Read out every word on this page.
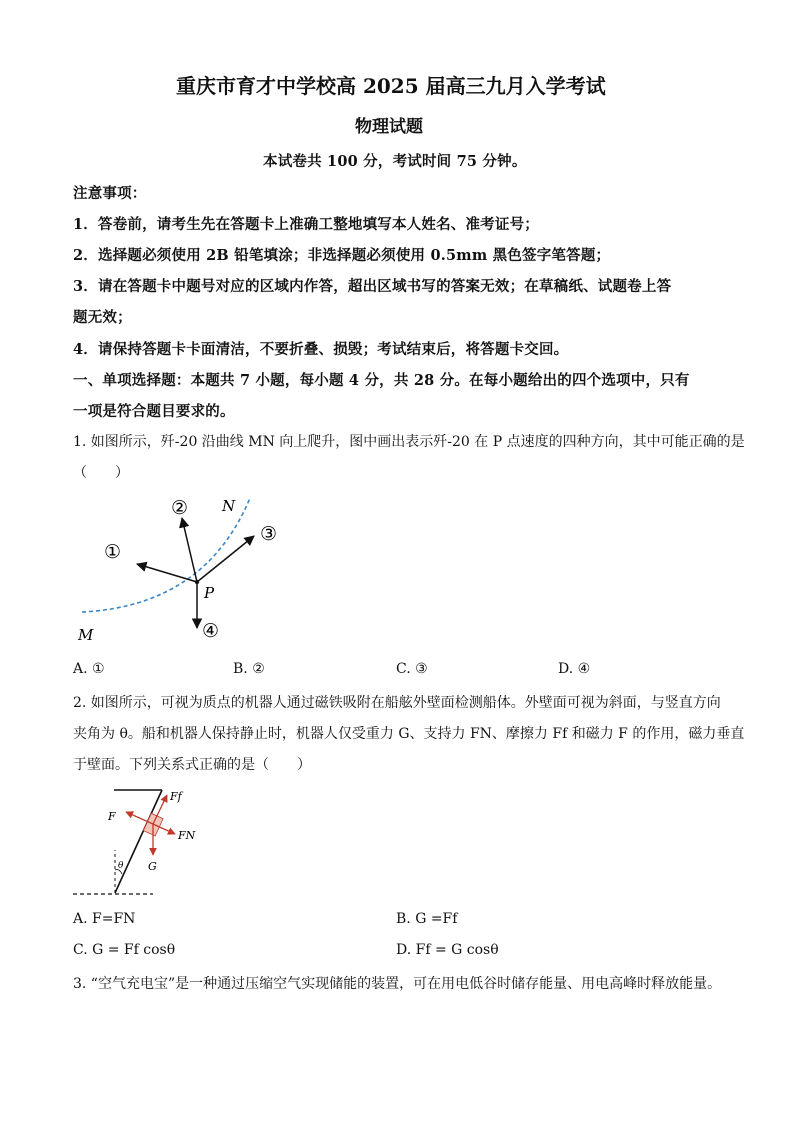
重庆市育才中学校高 2025 届高三九月入学考试
物理试题
本试卷共 100 分，考试时间 75 分钟。
注意事项：
1．答卷前，请考生先在答题卡上准确工整地填写本人姓名、准考证号；
2．选择题必须使用 2B 铅笔填涂；非选择题必须使用 0.5mm 黑色签字笔答题；
3．请在答题卡中题号对应的区域内作答，超出区域书写的答案无效；在草稿纸、试题卷上答
题无效；
4．请保持答题卡卡面清洁，不要折叠、损毁；考试结束后，将答题卡交回。
一、单项选择题：本题共 7 小题，每小题 4 分，共 28 分。在每小题给出的四个选项中，只有
一项是符合题目要求的。
1. 如图所示，歼-20 沿曲线 MN 向上爬升，图中画出表示歼-20 在 P 点速度的四种方向，其中可能正确的是
（　　）
①
②
③
④
N
M
P
A. ①	B. ②	C. ③	D. ④
2. 如图所示，可视为质点的机器人通过磁铁吸附在船舷外壁面检测船体。外壁面可视为斜面，与竖直方向
夹角为 θ。船和机器人保持静止时，机器人仅受重力 G、支持力 FN、摩擦力 Ff 和磁力 F 的作用，磁力垂直
于壁面。下列关系式正确的是（　　）
F
Ff
FN
G
θ
A. F=FN	B. G =Ff
C. G = Ff cosθ	D. Ff = G cosθ
3. “空气充电宝”是一种通过压缩空气实现储能的装置，可在用电低谷时储存能量、用电高峰时释放能量。
